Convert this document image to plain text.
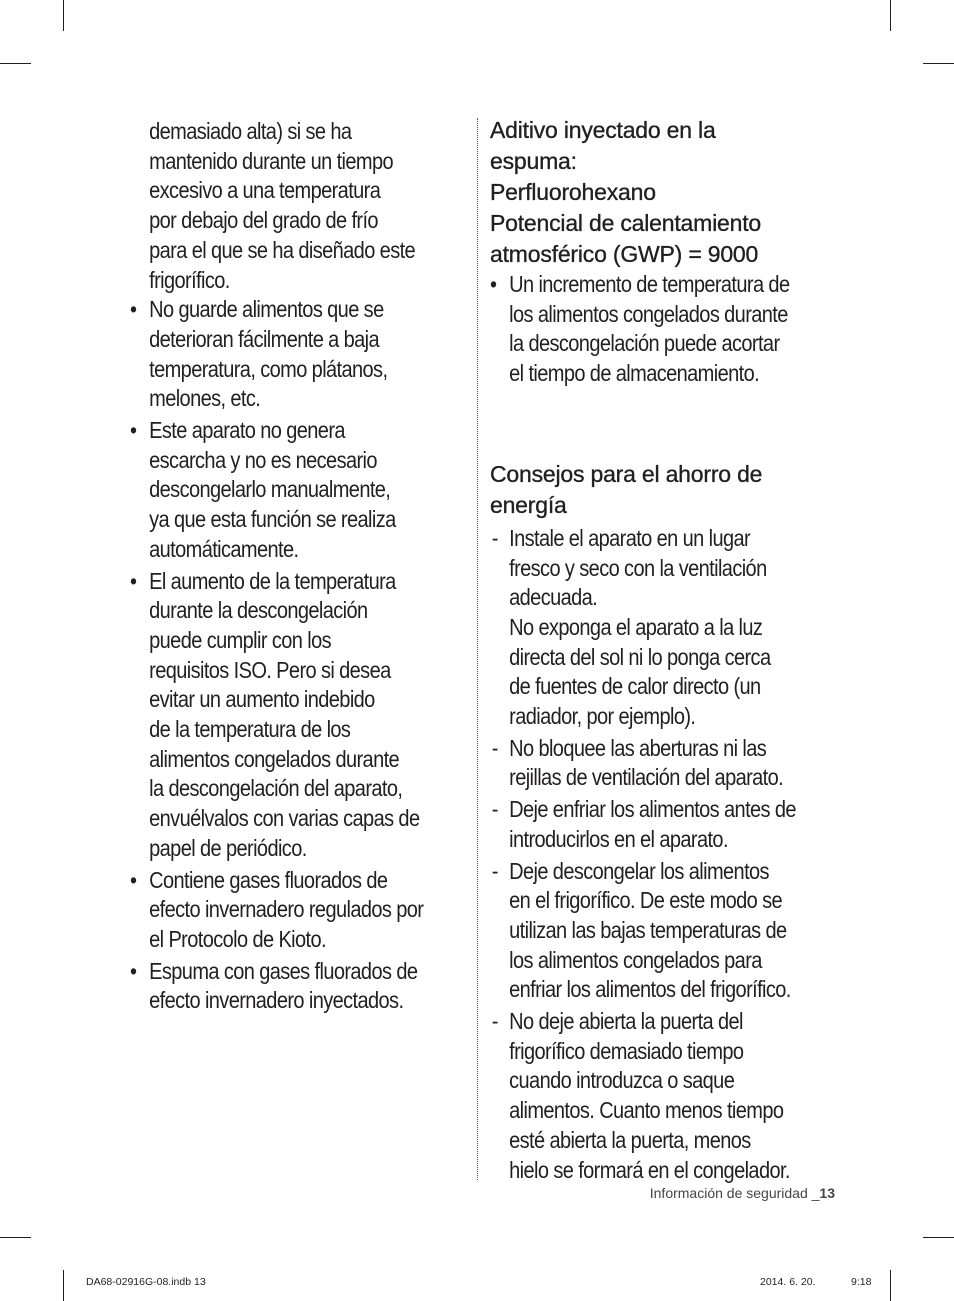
demasiado alta) si se ha
mantenido durante un tiempo
excesivo a una temperatura
por debajo del grado de frío
para el que se ha diseñado este
frigorífico.

• No guarde alimentos que se
deterioran fácilmente a baja
temperatura, como plátanos,
melones, etc.
• Este aparato no genera
escarcha y no es necesario
descongelarlo manualmente,
ya que esta función se realiza
automáticamente.
• El aumento de la temperatura
durante la descongelación
puede cumplir con los
requisitos ISO. Pero si desea
evitar un aumento indebido
de la temperatura de los
alimentos congelados durante
la descongelación del aparato,
envuélvalos con varias capas de
papel de periódico.
• Contiene gases fluorados de
efecto invernadero regulados por
el Protocolo de Kioto.
• Espuma con gases fluorados de
efecto invernadero inyectados.
Aditivo inyectado en la
espuma:
Perfluorohexano
Potencial de calentamiento
atmosférico (GWP) = 9000
• Un incremento de temperatura de
los alimentos congelados durante
la descongelación puede acortar
el tiempo de almacenamiento.
Consejos para el ahorro de
energía
- Instale el aparato en un lugar
fresco y seco con la ventilación
adecuada.
No exponga el aparato a la luz
directa del sol ni lo ponga cerca
de fuentes de calor directo (un
radiador, por ejemplo).
- No bloquee las aberturas ni las
rejillas de ventilación del aparato.
- Deje enfriar los alimentos antes de
introducirlos en el aparato.
- Deje descongelar los alimentos
en el frigorífico. De este modo se
utilizan las bajas temperaturas de
los alimentos congelados para
enfriar los alimentos del frigorífico.
- No deje abierta la puerta del
frigorífico demasiado tiempo
cuando introduzca o saque
alimentos. Cuanto menos tiempo
esté abierta la puerta, menos
hielo se formará en el congelador.
Información de seguridad _13
DA68-02916G-08.indb 13	2014. 6. 20.	9:18
